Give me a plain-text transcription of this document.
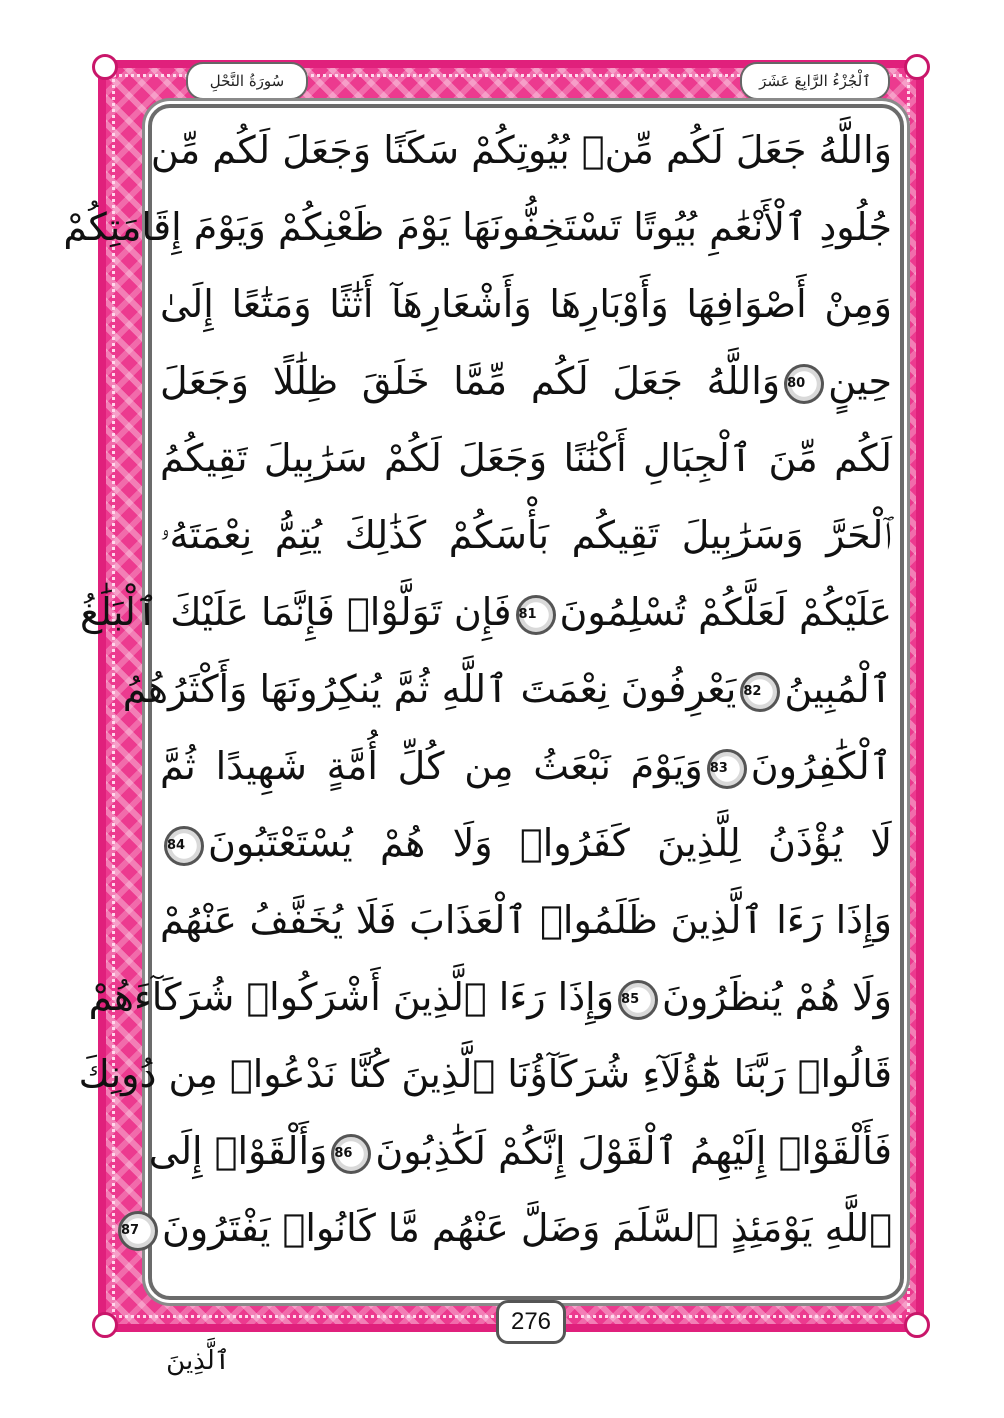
ٱلْجُزْءُ الرَّابِعَ عَشَرَ
سُورَةُ النَّحْلِ
وَاللَّهُ جَعَلَ لَكُم مِّنۢ بُيُوتِكُمْ سَكَنًا وَجَعَلَ لَكُم مِّن
جُلُودِ ٱلْأَنْعَٰمِ بُيُوتًا تَسْتَخِفُّونَهَا يَوْمَ ظَعْنِكُمْ وَيَوْمَ إِقَامَتِكُمْ
وَمِنْ أَصْوَافِهَا وَأَوْبَارِهَا وَأَشْعَارِهَآ أَثَٰثًا وَمَتَٰعًا إِلَىٰ
حِينٍ80وَاللَّهُ جَعَلَ لَكُم مِّمَّا خَلَقَ ظِلَٰلًا وَجَعَلَ
لَكُم مِّنَ ٱلْجِبَالِ أَكْنَٰنًا وَجَعَلَ لَكُمْ سَرَٰبِيلَ تَقِيكُمُ
ٱلْحَرَّ وَسَرَٰبِيلَ تَقِيكُم بَأْسَكُمْ كَذَٰلِكَ يُتِمُّ نِعْمَتَهُۥ
عَلَيْكُمْ لَعَلَّكُمْ تُسْلِمُونَ81فَإِن تَوَلَّوْا۟ فَإِنَّمَا عَلَيْكَ ٱلْبَلَٰغُ
ٱلْمُبِينُ82يَعْرِفُونَ نِعْمَتَ ٱللَّهِ ثُمَّ يُنكِرُونَهَا وَأَكْثَرُهُمُ
ٱلْكَٰفِرُونَ83وَيَوْمَ نَبْعَثُ مِن كُلِّ أُمَّةٍ شَهِيدًا ثُمَّ
لَا يُؤْذَنُ لِلَّذِينَ كَفَرُوا۟ وَلَا هُمْ يُسْتَعْتَبُونَ84
وَإِذَا رَءَا ٱلَّذِينَ ظَلَمُوا۟ ٱلْعَذَابَ فَلَا يُخَفَّفُ عَنْهُمْ
وَلَا هُمْ يُنظَرُونَ85وَإِذَا رَءَا ٱلَّذِينَ أَشْرَكُوا۟ شُرَكَآءَهُمْ
قَالُوا۟ رَبَّنَا هَٰٓؤُلَآءِ شُرَكَآؤُنَا ٱلَّذِينَ كُنَّا نَدْعُوا۟ مِن دُونِكَ
فَأَلْقَوْا۟ إِلَيْهِمُ ٱلْقَوْلَ إِنَّكُمْ لَكَٰذِبُونَ86وَأَلْقَوْا۟ إِلَى
ٱللَّهِ يَوْمَئِذٍ ٱلسَّلَمَ وَضَلَّ عَنْهُم مَّا كَانُوا۟ يَفْتَرُونَ87
276
ٱلَّذِينَ
